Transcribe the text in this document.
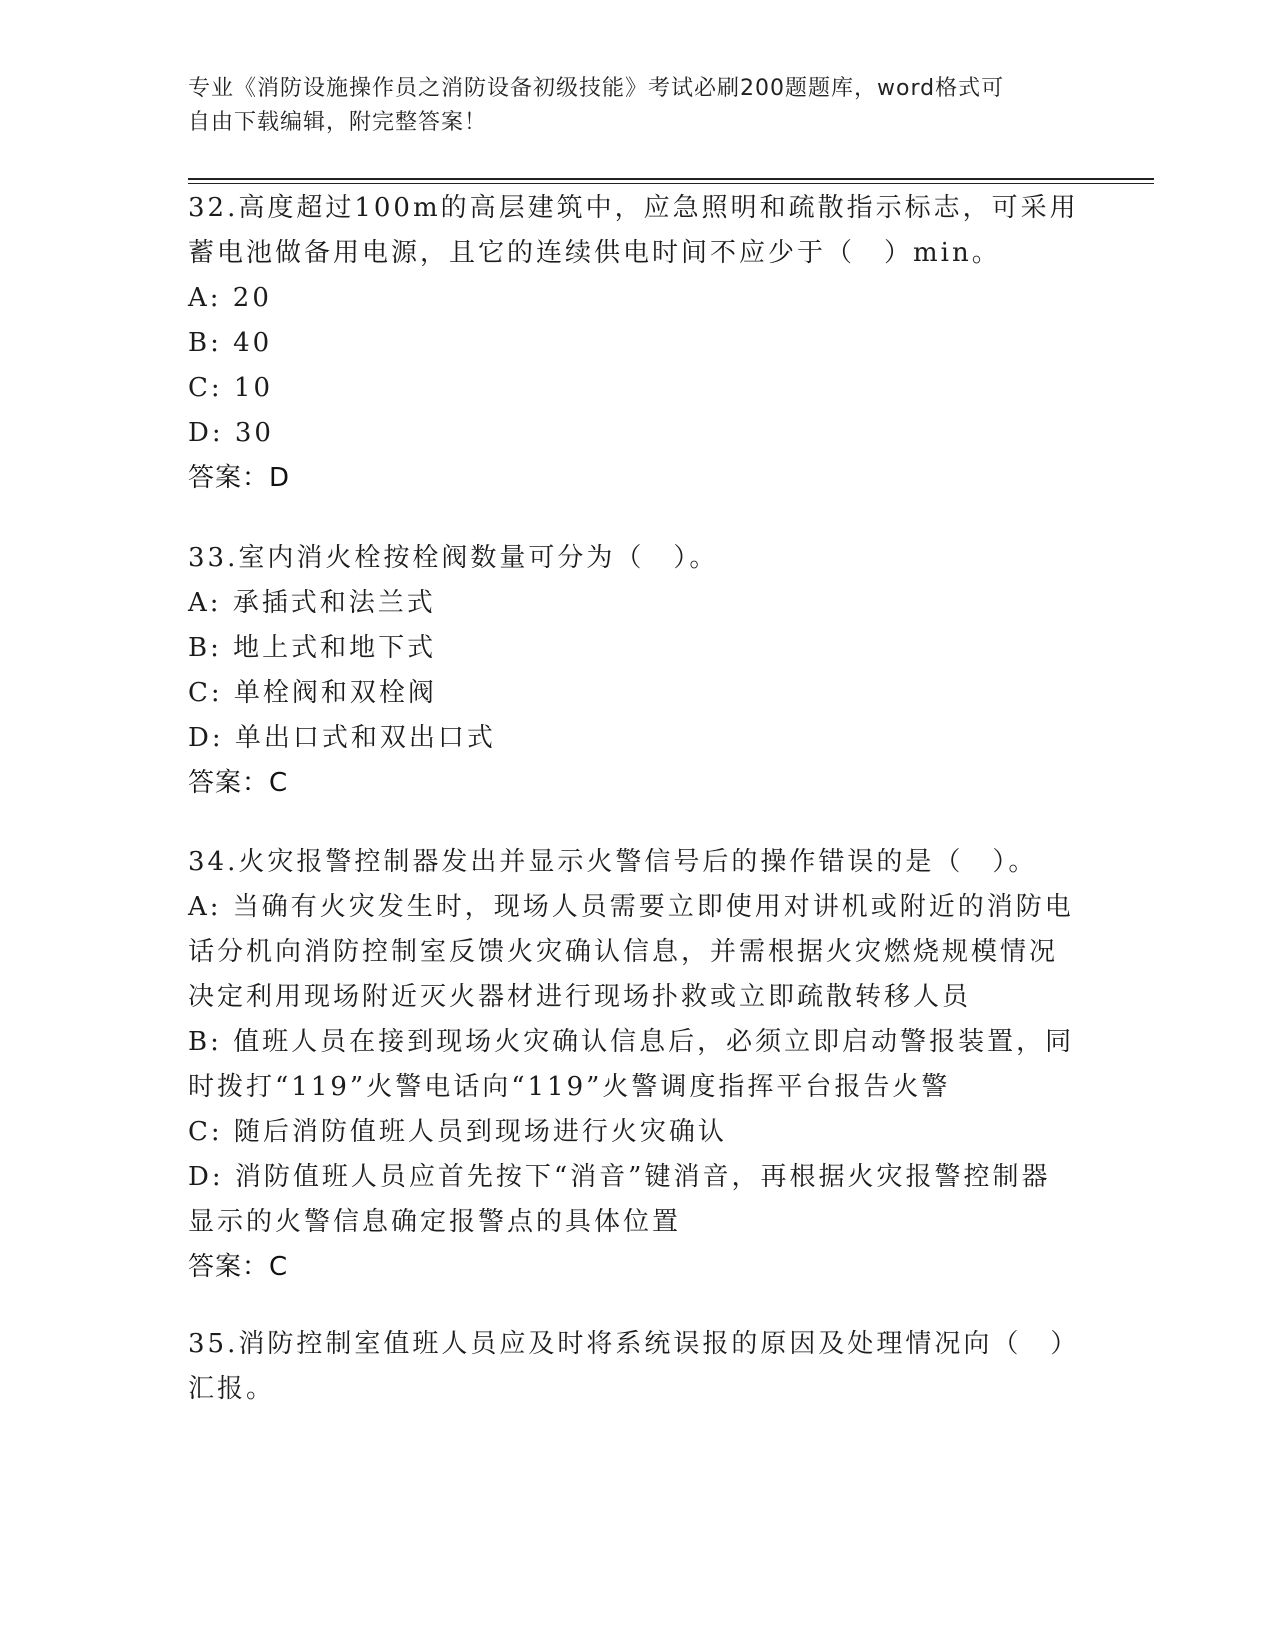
专业《消防设施操作员之消防设备初级技能》考试必刷200题题库，word格式可
自由下载编辑，附完整答案！
32.高度超过100m的高层建筑中，应急照明和疏散指示标志，可采用
蓄电池做备用电源，且它的连续供电时间不应少于（　）min。
A: 20
B: 40
C: 10
D: 30
答案：D
33.室内消火栓按栓阀数量可分为（　）。
A: 承插式和法兰式
B: 地上式和地下式
C: 单栓阀和双栓阀
D: 单出口式和双出口式
答案：C
34.火灾报警控制器发出并显示火警信号后的操作错误的是（　）。
A: 当确有火灾发生时，现场人员需要立即使用对讲机或附近的消防电
话分机向消防控制室反馈火灾确认信息，并需根据火灾燃烧规模情况
决定利用现场附近灭火器材进行现场扑救或立即疏散转移人员
B: 值班人员在接到现场火灾确认信息后，必须立即启动警报装置，同
时拨打“119”火警电话向“119”火警调度指挥平台报告火警
C: 随后消防值班人员到现场进行火灾确认
D: 消防值班人员应首先按下“消音”键消音，再根据火灾报警控制器
显示的火警信息确定报警点的具体位置
答案：C
35.消防控制室值班人员应及时将系统误报的原因及处理情况向（　）
汇报。
